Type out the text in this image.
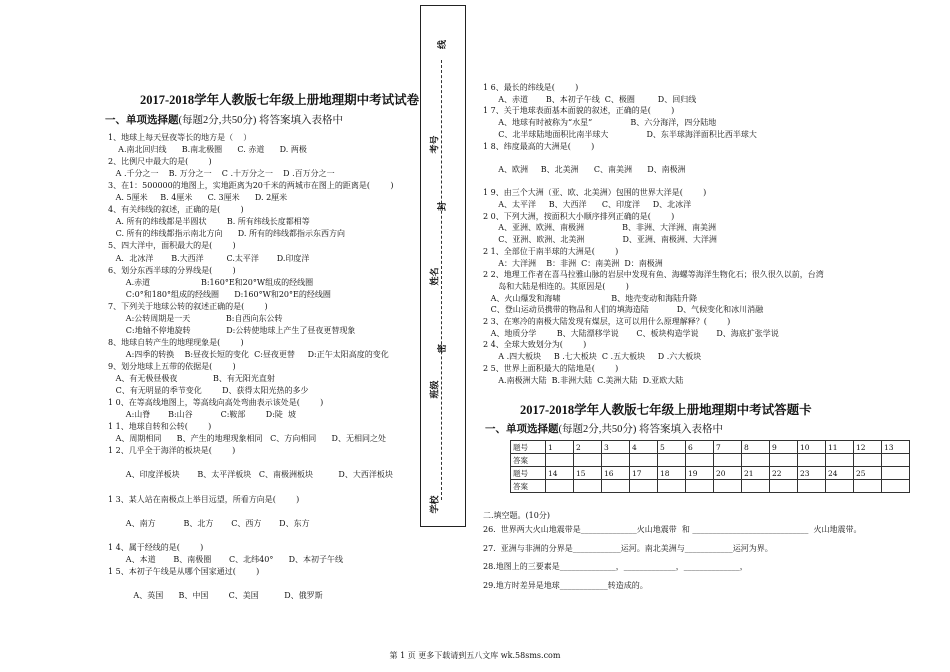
线
考号
封
姓名
密
班级
学校
2017-2018学年人教版七年级上册地理期中考试试卷
一、单项选择题(每题2分,共50分) 将答案填入表格中
1、地球上每天昼夜等长的地方是（    ）
A.南北回归线      B.南北极圈      C. 赤道      D. 两极
2、比例尺中最大的是(        )
A .千分之一    B. 万分之一    C .十万分之一    D .百万分之一
3、在1：500000的地图上，实地距离为20千米的两城市在图上的距离是(        )
A. 5厘米     B. 4厘米      C. 3厘米      D. 2厘米
4、有关纬线的叙述，正确的是(        )
A. 所有的纬线都是半圆状        B. 所有纬线长度都相等
C. 所有的纬线都指示南北方向      D. 所有的纬线都指示东西方向
5、四大洋中，面积最大的是(        )
A．北冰洋       B.大西洋         C.太平洋       D.印度洋
6、划分东西半球的分界线是(        )
A.赤道                    B:160°E和20°W组成的经线圈
C:0°和180°组成的经线圈      D:160°W和20°E的经线圈
7、下列关于地球公转的叙述正确的是(        )
A:公转周期是一天              B:自西向东公转
C:地轴不停地旋转              D:公转使地球上产生了昼夜更替现象
8、地球自转产生的地理现象是(        )
A:四季的转换    B:昼夜长短的变化  C:昼夜更替     D:正午太阳高度的变化
9、划分地球上五带的依据是(        )
A、有无极昼极夜              B、有无阳光直射
C、有无明显的季节变化        D、获得太阳光热的多少
1 0、在等高线地图上，等高线向高处弯曲表示该处是(        )
A:山脊       B:山谷           C:鞍部        D:陡  坡
1 1、地球自转和公转(        )
A、周期相同      B、产生的地理现象相同   C、方向相同      D、无相同之处
1 2、几乎全于海洋的板块是(        )
A、印度洋板块       B、太平洋板块   C、南极洲板块          D、大西洋板块
1 3、某人站在南极点上举目远望，所看方向是(        )
A、南方           B、北方       C、西方       D、东方
1 4、属于经线的是(        )
A、本道       B、南极圈       C、北纬40°      D、本初子午线
1 5、本初子午线是从哪个国家通过(        )
A、英国      B、中国        C、美国          D、俄罗斯
1 6、最长的纬线是(        )
A、赤道       B、本初子午线  C、极圈         D、回归线
1 7、关于地球表面基本面貌的叙述，正确的是(        )
A、地球有时被称为“水星”               B、六分海洋，四分陆地
C、北半球陆地面积比南半球大               D、东半球海洋面积比西半球大
1 8、纬度最高的大洲是(        )
A、欧洲     B、北美洲      C、南美洲      D、南极洲
1 9、由三个大洲（亚、欧、北美洲）包围的世界大洋是(        )
A、太平洋     B、大西洋      C、印度洋     D、北冰洋
2 0、下列大洲，按面积大小顺序排列正确的是(        )
A、亚洲、欧洲、南极洲               B、非洲、大洋洲、南美洲
C、亚洲、欧洲、北美洲               D、亚洲、南极洲、大洋洲
2 1、全部位于南半球的大洲是(        )
A：大洋洲    B：非洲  C：南美洲  D：南极洲
2 2、地理工作者在喜马拉雅山脉的岩层中发现有鱼、海螺等海洋生物化石；很久很久以前，台湾
岛和大陆是相连的。其原因是(        )
A、火山爆发和海啸                    B、地壳变动和海陆升降
C、登山运动员携带的物品和人们的填海造陆           D、气候变化和冰川消融
2 3、在寒冷的南极大陆发现有煤层，这可以用什么原理解释？(        )
A、地质分学        B、大陆漂移学说       C、板块构造学说       D、海底扩张学说
2 4、全球大致划分为(        )
A .四大板块     B .七大板块  C .五大板块     D .六大板块
2 5、世界上面积最大的陆地是(        )
A.南极洲大陆  B.非洲大陆  C.美洲大陆  D.亚欧大陆
2017-2018学年人教版七年级上册地理期中考试答题卡
一、单项选择题(每题2分,共50分) 将答案填入表格中
题号	1	2	3	4	5	6	7	8	9	10	11	12	13
答案													
题号	14	15	16	17	18	19	20	21	22	23	24	25	
答案													
二.填空题。(10分)
26.  世界两大火山地震带是______________火山地震带  和 _____________________________  火山地震带。
27.  亚洲与非洲的分界是____________运河。南北美洲与____________运河为界。
28.地图上的三要素是______________，_____________，______________，
29.地方时差异是地球____________转造成的。
第 1 页 更多下载请到五八文库 wk.58sms.com
